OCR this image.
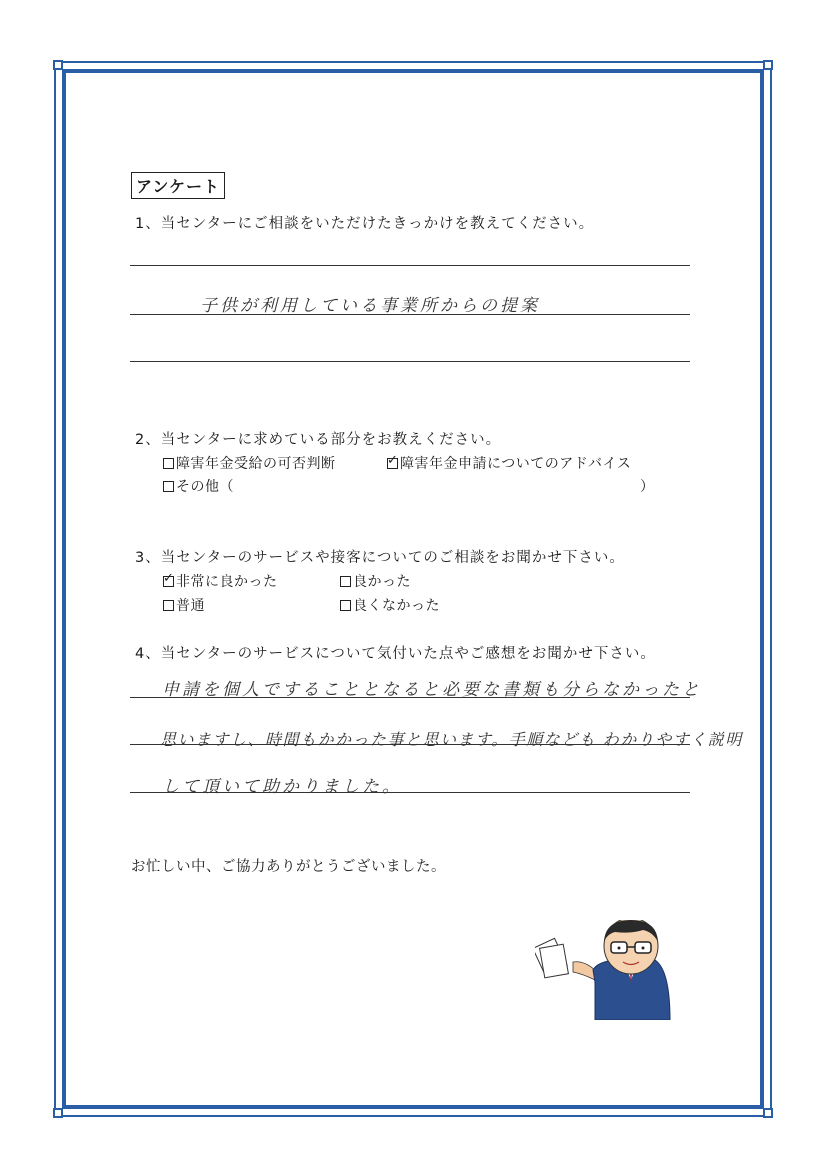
アンケート
1、当センターにご相談をいただけたきっかけを教えてください。
子供が利用している事業所からの提案
2、当センターに求めている部分をお教えください。
障害年金受給の可否判断
✓	障害年金申請についてのアドバイス
その他（	）
3、当センターのサービスや接客についてのご相談をお聞かせ下さい。
✓非常に良かった	良かった
普通	良くなかった
4、当センターのサービスについて気付いた点やご感想をお聞かせ下さい。
申請を個人ですることとなると必要な書類も分らなかったと
思いますし、時間もかかった事と思います。手順なども わかりやすく説明
して頂いて助かりました。
お忙しい中、ご協力ありがとうございました。
